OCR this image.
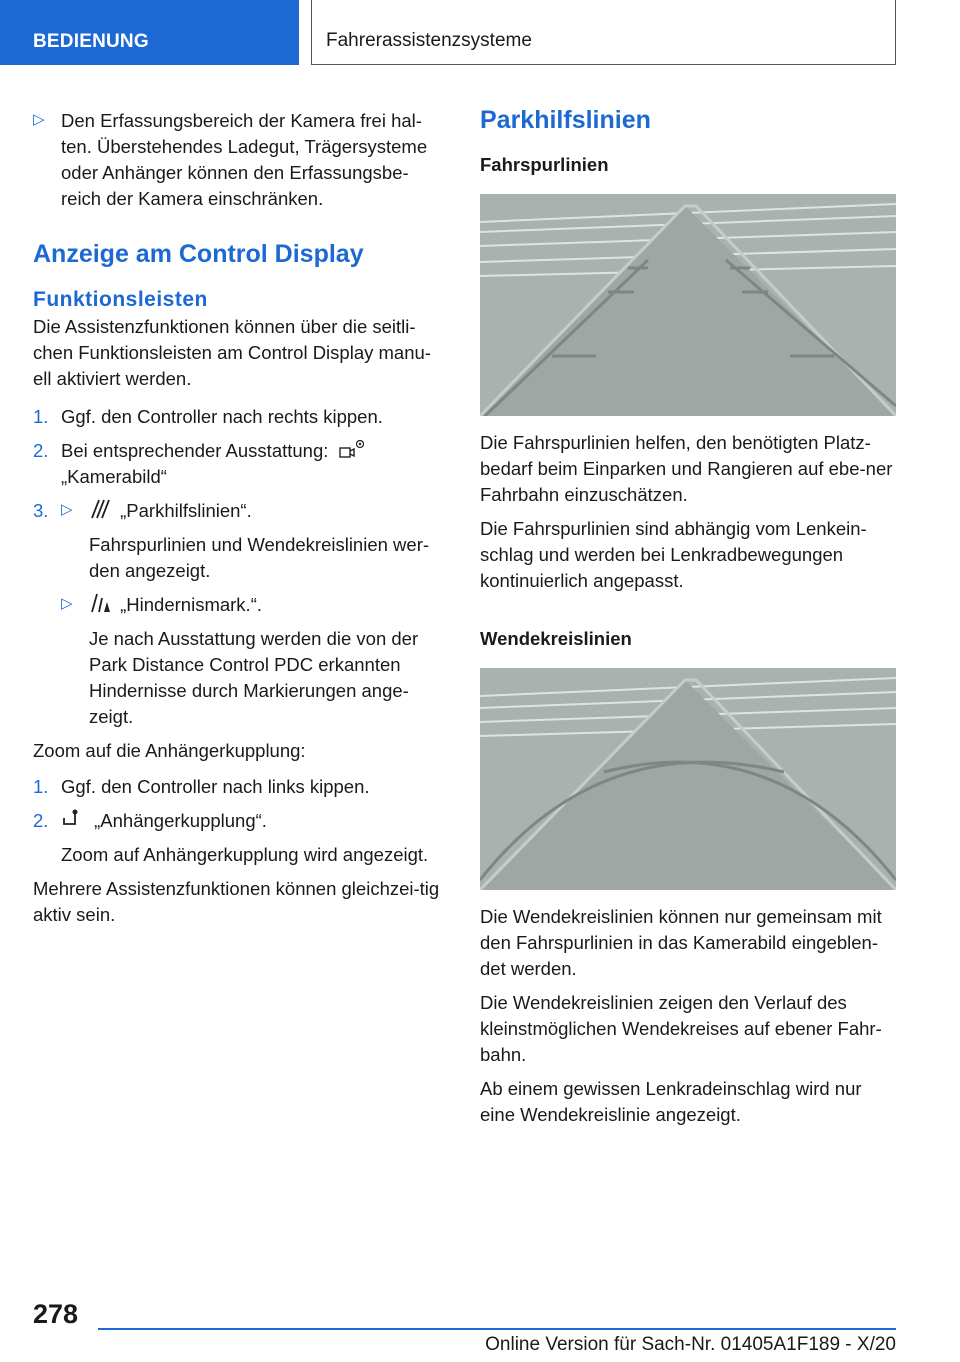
BEDIENUNG	Fahrerassistenzsysteme
▷ Den Erfassungsbereich der Kamera frei hal-ten. Überstehendes Ladegut, Trägersysteme oder Anhänger können den Erfassungsbe-reich der Kamera einschränken.

Anzeige am Control Display
Funktionsleisten

Die Assistenzfunktionen können über die seitli-chen Funktionsleisten am Control Display manu-ell aktiviert werden.

1. Ggf. den Controller nach rechts kippen.

2. Bei entsprechender Ausstattung:

„Kamerabild“

3. ▷	„Parkhilfslinien“.

Fahrspurlinien und Wendekreislinien wer-den angezeigt.

▷	„Hindernismark.“.

Je nach Ausstattung werden die von der Park Distance Control PDC erkannten Hindernisse durch Markierungen ange-zeigt.

Zoom auf die Anhängerkupplung:

1. Ggf. den Controller nach links kippen.

2.	„Anhängerkupplung“.

Zoom auf Anhängerkupplung wird angezeigt.

Mehrere Assistenzfunktionen können gleichzei-tig aktiv sein.

Parkhilfslinien
Fahrspurlinien

Die Fahrspurlinien helfen, den benötigten Platz-bedarf beim Einparken und Rangieren auf ebe-ner Fahrbahn einzuschätzen.

Die Fahrspurlinien sind abhängig vom Lenkein-schlag und werden bei Lenkradbewegungen kontinuierlich angepasst.

Wendekreislinien

Die Wendekreislinien können nur gemeinsam mit den Fahrspurlinien in das Kamerabild eingeblen-det werden.

Die Wendekreislinien zeigen den Verlauf des kleinstmöglichen Wendekreises auf ebener Fahr-bahn.

Ab einem gewissen Lenkradeinschlag wird nur eine Wendekreislinie angezeigt.

278
Online Version für Sach-Nr. 01405A1F189 - X/20
